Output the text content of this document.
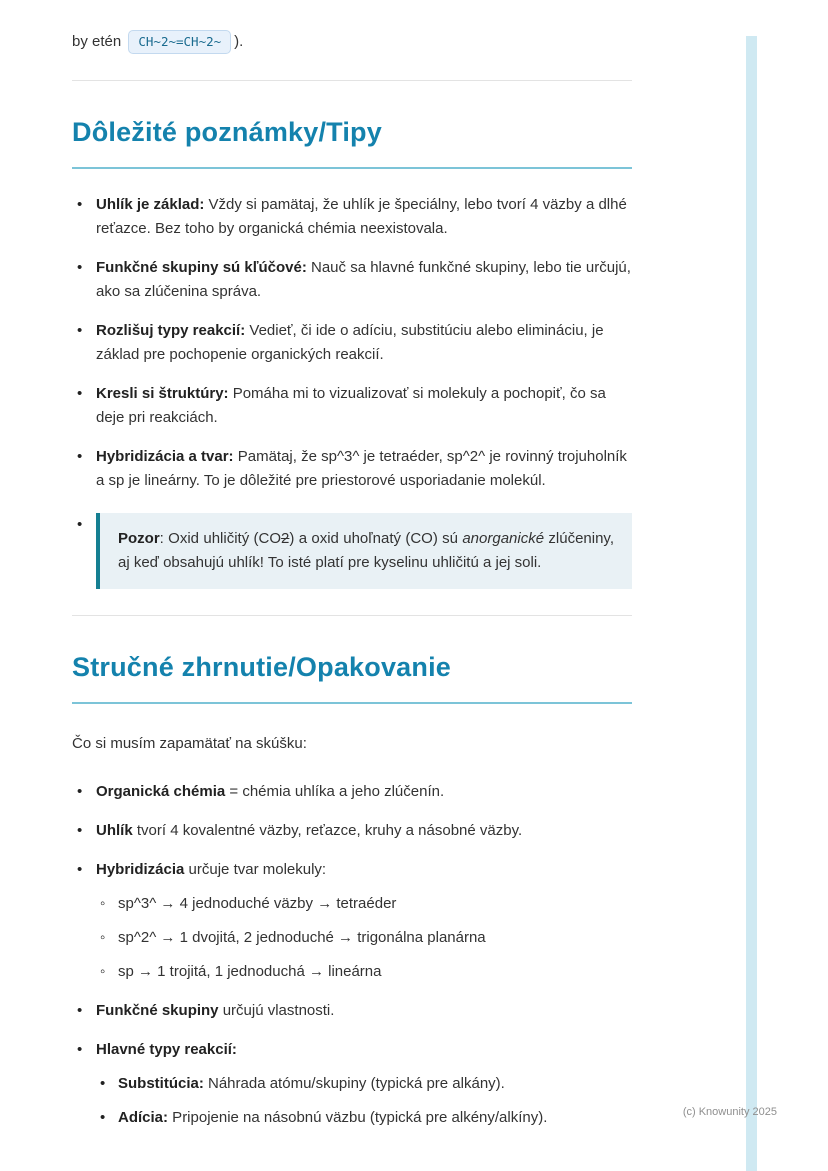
by etén CH~2~=CH~2~ ).

Dôležité poznámky/Tipy
• Uhlík je základ: Vždy si pamätaj, že uhlík je špeciálny, lebo tvorí 4 väzby a dlhé reťazce. Bez toho by organická chémia neexistovala.
• Funkčné skupiny sú kľúčové: Nauč sa hlavné funkčné skupiny, lebo tie určujú, ako sa zlúčenina správa.
• Rozlišuj typy reakcií: Vedieť, či ide o adíciu, substitúciu alebo elimináciu, je základ pre pochopenie organických reakcií.
• Kresli si štruktúry: Pomáha mi to vizualizovať si molekuly a pochopiť, čo sa deje pri reakciách.
• Hybridizácia a tvar: Pamätaj, že sp^3^ je tetraéder, sp^2^ je rovinný trojuholník a sp je lineárny. To je dôležité pre priestorové usporiadanie molekúl.
• Pozor: Oxid uhličitý (CO2) a oxid uhoľnatý (CO) sú anorganické zlúčeniny, aj keď obsahujú uhlík! To isté platí pre kyselinu uhličitú a jej soli.
Stručné zhrnutie/Opakovanie

Čo si musím zapamätať na skúšku:

• Organická chémia = chémia uhlíka a jeho zlúčenín.
• Uhlík tvorí 4 kovalentné väzby, reťazce, kruhy a násobné väzby.
• Hybridizácia určuje tvar molekuly:
◦ sp^3^ → 4 jednoduché väzby → tetraéder
◦ sp^2^ → 1 dvojitá, 2 jednoduché → trigonálna planárna
◦ sp → 1 trojitá, 1 jednoduchá → lineárna
• Funkčné skupiny určujú vlastnosti.
• Hlavné typy reakcií:
• Substitúcia: Náhrada atómu/skupiny (typická pre alkány).
• Adícia: Pripojenie na násobnú väzbu (typická pre alkény/alkíny).	(c) Knowunity 2025
